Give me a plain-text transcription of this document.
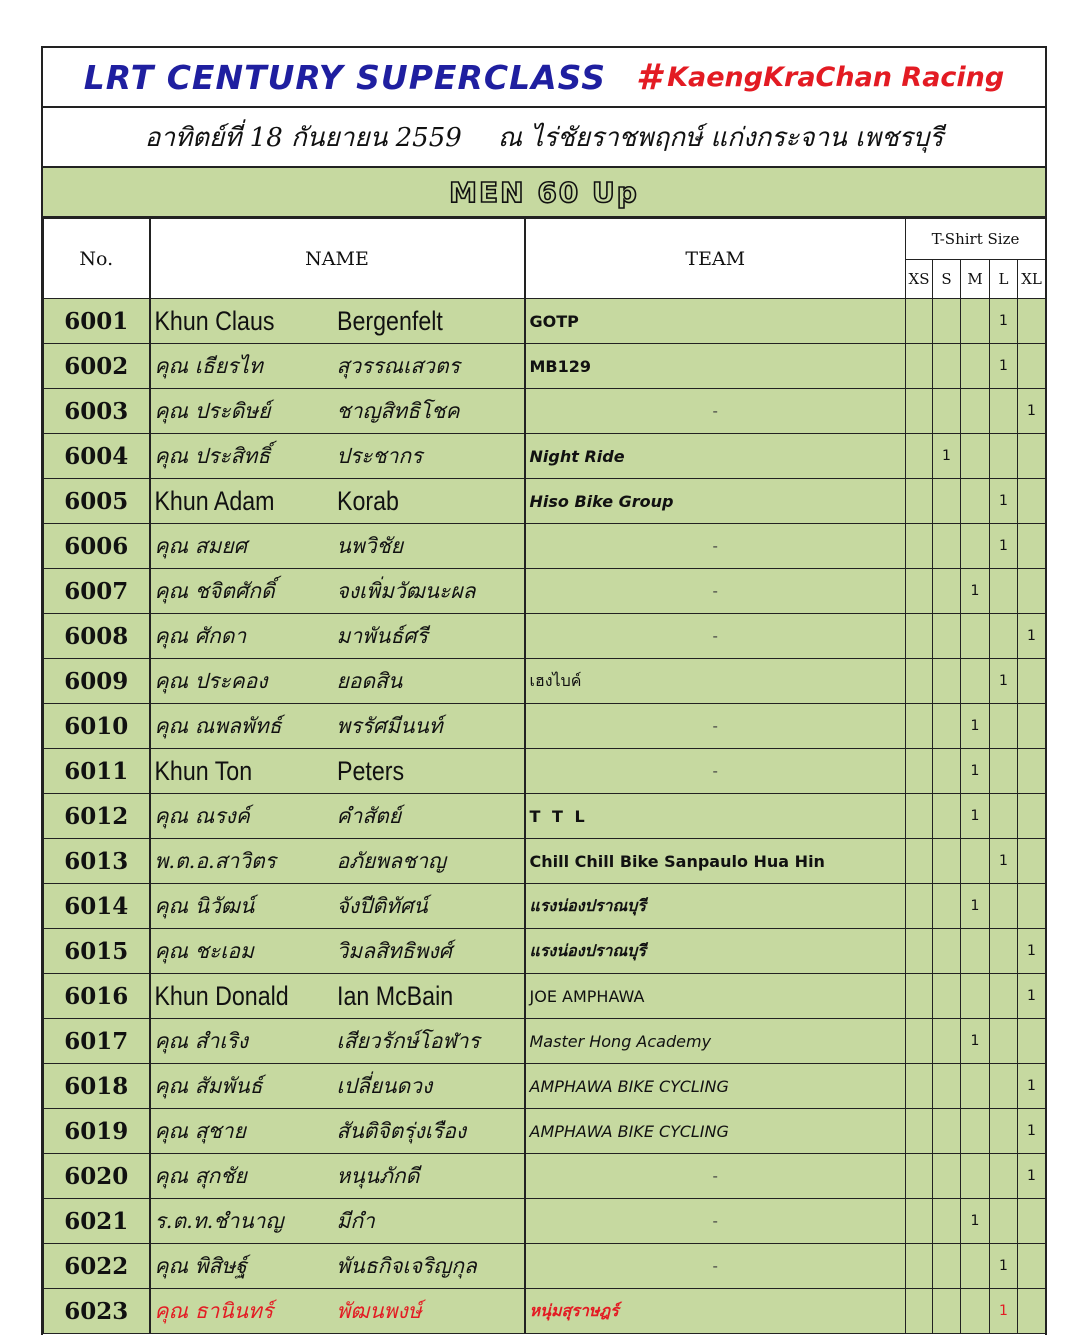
LRT CENTURY SUPERCLASS # KaengKraChan Racing
อาทิตย์ที่ 18 กันยายน 2559 ณ ไร่ชัยราชพฤกษ์ แก่งกระจาน เพชรบุรี
MEN 60 Up
No.	NAME	TEAM	T-Shirt Size				
			XS	S	M	L	XL
6001	Khun Claus Bergenfelt	GOTP				1	
6002	คุณ เธียรไท สุวรรณเสวตร	MB129				1	
6003	คุณ ประดิษย์ ชาญสิทธิโชค	-					1
6004	คุณ ประสิทธิ์ ประชากร	Night Ride		1			
6005	Khun Adam Korab	Hiso Bike Group				1	
6006	คุณ สมยศ นพวิชัย	-				1	
6007	คุณ ชจิตศักดิ์ จงเพิ่มวัฒนะผล	-			1		
6008	คุณ ศักดา มาพันธ์ศรี	-					1
6009	คุณ ประคอง ยอดสิน	เฮงไบค์				1	
6010	คุณ ณพลพัทธ์ พรรัศมีนนท์	-			1		
6011	Khun Ton Peters	-			1		
6012	คุณ ณรงค์ คำสัตย์	T T L			1		
6013	พ.ต.อ.สาวิตร อภัยพลชาญ	Chill Chill Bike Sanpaulo Hua Hin				1	
6014	คุณ นิวัฒน์ จังปีติทัศน์	แรงน่องปราณบุรี			1		
6015	คุณ ชะเอม วิมลสิทธิพงศ์	แรงน่องปราณบุรี					1
6016	Khun Donald Ian McBain	JOE AMPHAWA					1
6017	คุณ สำเริง เสียวรักษ์โอฬาร	Master Hong Academy			1		
6018	คุณ สัมพันธ์ เปลี่ยนดวง	AMPHAWA BIKE CYCLING					1
6019	คุณ สุชาย สันติจิตรุ่งเรือง	AMPHAWA BIKE CYCLING					1
6020	คุณ สุกชัย หนุนภักดี	-					1
6021	ร.ต.ท.ชำนาญ มีกำ	-			1		
6022	คุณ พิสิษฐ์ พันธกิจเจริญกุล	-				1	
6023	คุณ ธานินทร์ พัฒนพงษ์	หนุ่มสุราษฎร์				1	
